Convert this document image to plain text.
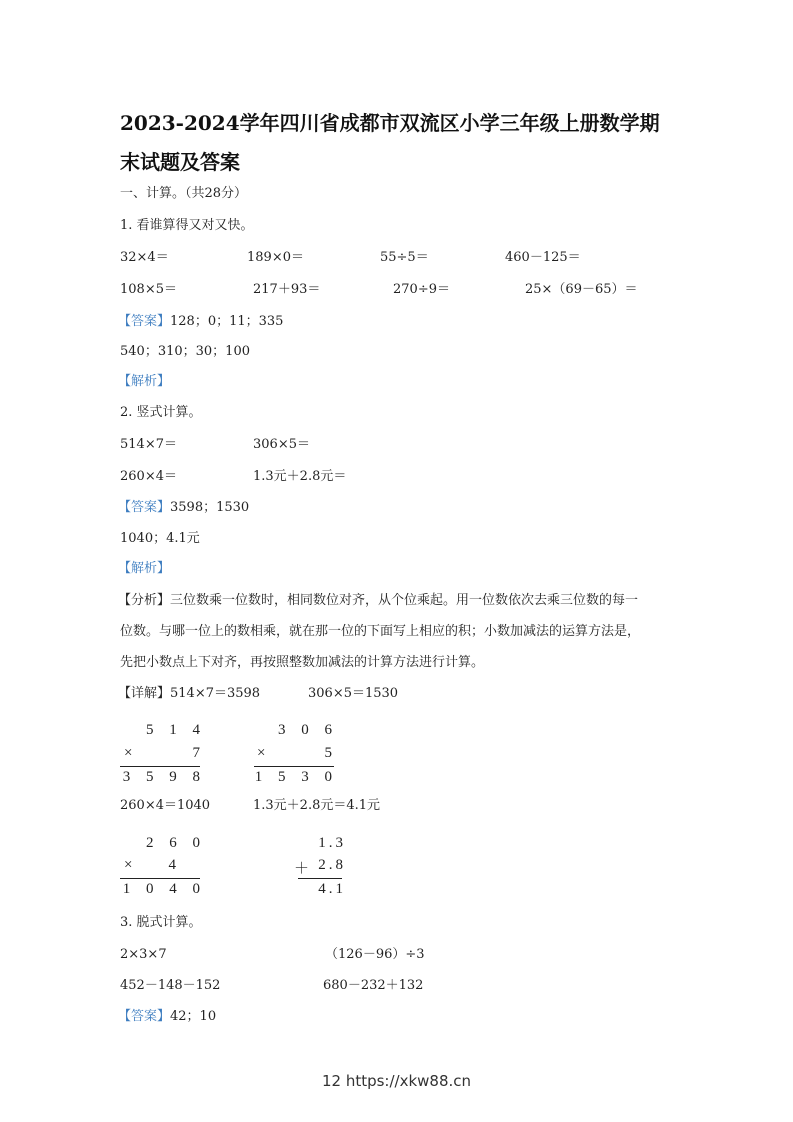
2023-2024学年四川省成都市双流区小学三年级上册数学期
末试题及答案
一、计算。（共28分）
1. 看谁算得又对又快。
32×4＝	189×0＝	55÷5＝	460－125＝
108×5＝	217＋93＝	270÷9＝	25×（69－65）＝
【答案】128；0；11；335
540；310；30；100
【解析】
2. 竖式计算。
514×7＝	306×5＝
260×4＝	1.3元＋2.8元＝
【答案】3598；1530
1040；4.1元
【解析】
【分析】三位数乘一位数时，相同数位对齐，从个位乘起。用一位数依次去乘三位数的每一
位数。与哪一位上的数相乘，就在那一位的下面写上相应的积；小数加减法的运算方法是，
先把小数点上下对齐，再按照整数加减法的计算方法进行计算。
【详解】514×7＝3598	306×5＝1530
5 1 4
×	7
3 5 9 8
3 0 6
×	5
1 5 3 0
260×4＝1040	1.3元＋2.8元＝4.1元
2 6 0
×	4
1 0 4 0
1.3
＋ 2.8
4.1
3. 脱式计算。
2×3×7	（126－96）÷3
452－148－152	680－232＋132
【答案】42；10
12 https://xkw88.cn
